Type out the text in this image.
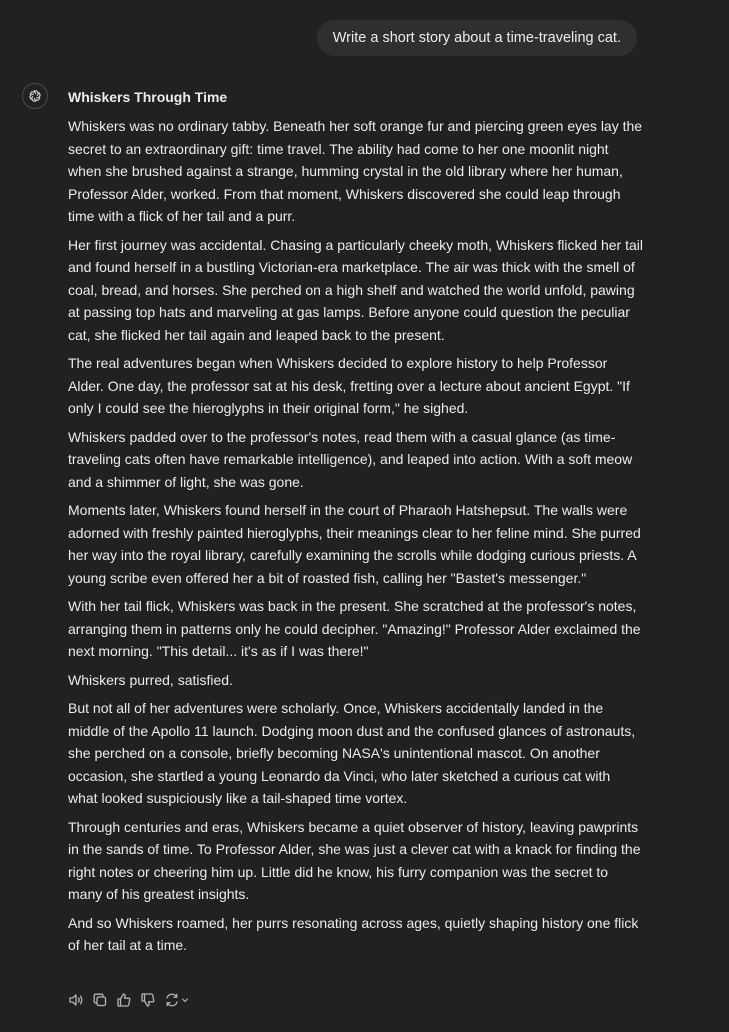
Write a short story about a time-traveling cat.
Whiskers Through Time

Whiskers was no ordinary tabby. Beneath her soft orange fur and piercing green eyes lay the secret to an extraordinary gift: time travel. The ability had come to her one moonlit night when she brushed against a strange, humming crystal in the old library where her human, Professor Alder, worked. From that moment, Whiskers discovered she could leap through time with a flick of her tail and a purr.

Her first journey was accidental. Chasing a particularly cheeky moth, Whiskers flicked her tail and found herself in a bustling Victorian-era marketplace. The air was thick with the smell of coal, bread, and horses. She perched on a high shelf and watched the world unfold, pawing at passing top hats and marveling at gas lamps. Before anyone could question the peculiar cat, she flicked her tail again and leaped back to the present.

The real adventures began when Whiskers decided to explore history to help Professor Alder. One day, the professor sat at his desk, fretting over a lecture about ancient Egypt. "If only I could see the hieroglyphs in their original form," he sighed.

Whiskers padded over to the professor's notes, read them with a casual glance (as time-traveling cats often have remarkable intelligence), and leaped into action. With a soft meow and a shimmer of light, she was gone.

Moments later, Whiskers found herself in the court of Pharaoh Hatshepsut. The walls were adorned with freshly painted hieroglyphs, their meanings clear to her feline mind. She purred her way into the royal library, carefully examining the scrolls while dodging curious priests. A young scribe even offered her a bit of roasted fish, calling her "Bastet's messenger."

With her tail flick, Whiskers was back in the present. She scratched at the professor's notes, arranging them in patterns only he could decipher. "Amazing!" Professor Alder exclaimed the next morning. "This detail... it's as if I was there!"

Whiskers purred, satisfied.

But not all of her adventures were scholarly. Once, Whiskers accidentally landed in the middle of the Apollo 11 launch. Dodging moon dust and the confused glances of astronauts, she perched on a console, briefly becoming NASA's unintentional mascot. On another occasion, she startled a young Leonardo da Vinci, who later sketched a curious cat with what looked suspiciously like a tail-shaped time vortex.

Through centuries and eras, Whiskers became a quiet observer of history, leaving pawprints in the sands of time. To Professor Alder, she was just a clever cat with a knack for finding the right notes or cheering him up. Little did he know, his furry companion was the secret to many of his greatest insights.

And so Whiskers roamed, her purrs resonating across ages, quietly shaping history one flick of her tail at a time.
